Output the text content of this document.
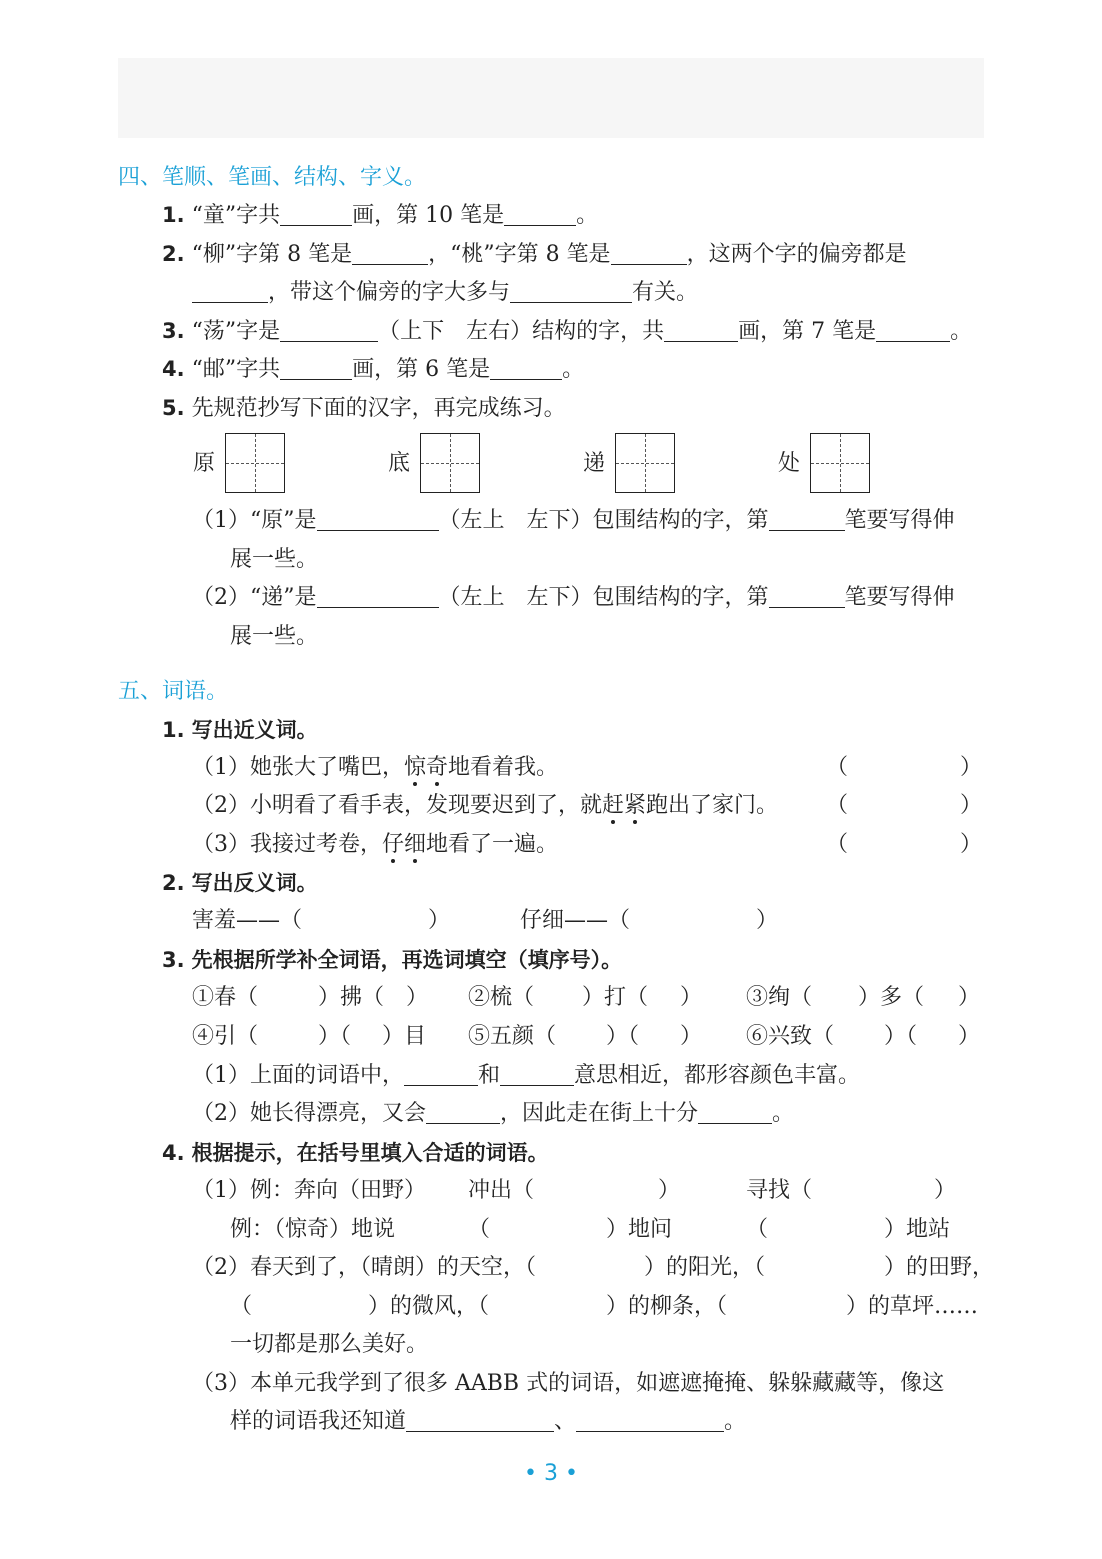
四、笔顺、笔画、结构、字义。
1. “童”字共	画，第 10 笔是	。
2. “柳”字第 8 笔是	，“桃”字第 8 笔是	，这两个字的偏旁都是
，带这个偏旁的字大多与	有关。
3. “荡”字是	（上下　左右）结构的字，共	画，第 7 笔是	。
4. “邮”字共	画，第 6 笔是	。
5. 先规范抄写下面的汉字，再完成练习。
原	底	递	处
（1）“原”是	（左上　左下）包围结构的字，第	笔要写得伸
展一些。
（2）“递”是	（左上　左下）包围结构的字，第	笔要写得伸
展一些。
五、词语。
1. 写出近义词。
（1）她张大了嘴巴，惊奇地看着我。	（	）
（2）小明看了看手表，发现要迟到了，就赶紧跑出了家门。 （	）
（3）我接过考卷，仔细地看了一遍。	（	）
2. 写出反义词。
害羞——（	）	仔细——（	）
3. 先根据所学补全词语，再选词填空（填序号）。
①春（	）拂（ ） ②梳（ ）打（ ） ③绚（ ）多（ ）
④引（	）（ ）目 ⑤五颜（ ）（ ） ⑥兴致（ ）（ ）
（1）上面的词语中，	和	意思相近，都形容颜色丰富。
（2）她长得漂亮，又会	，因此走在街上十分	。
4. 根据提示，在括号里填入合适的词语。
（1）例：奔向（田野） 冲出（	）	寻找（	）
例：（惊奇）地说	（	）地问	（	）地站
（2）春天到了，（晴朗）的天空，（	）的阳光，（	）的田野，
（	）的微风，（	）的柳条，（	）的草坪……
一切都是那么美好。
（3）本单元我学到了很多 AABB 式的词语，如遮遮掩掩、躲躲藏藏等，像这
样的词语我还知道	、	。
• 3 •
